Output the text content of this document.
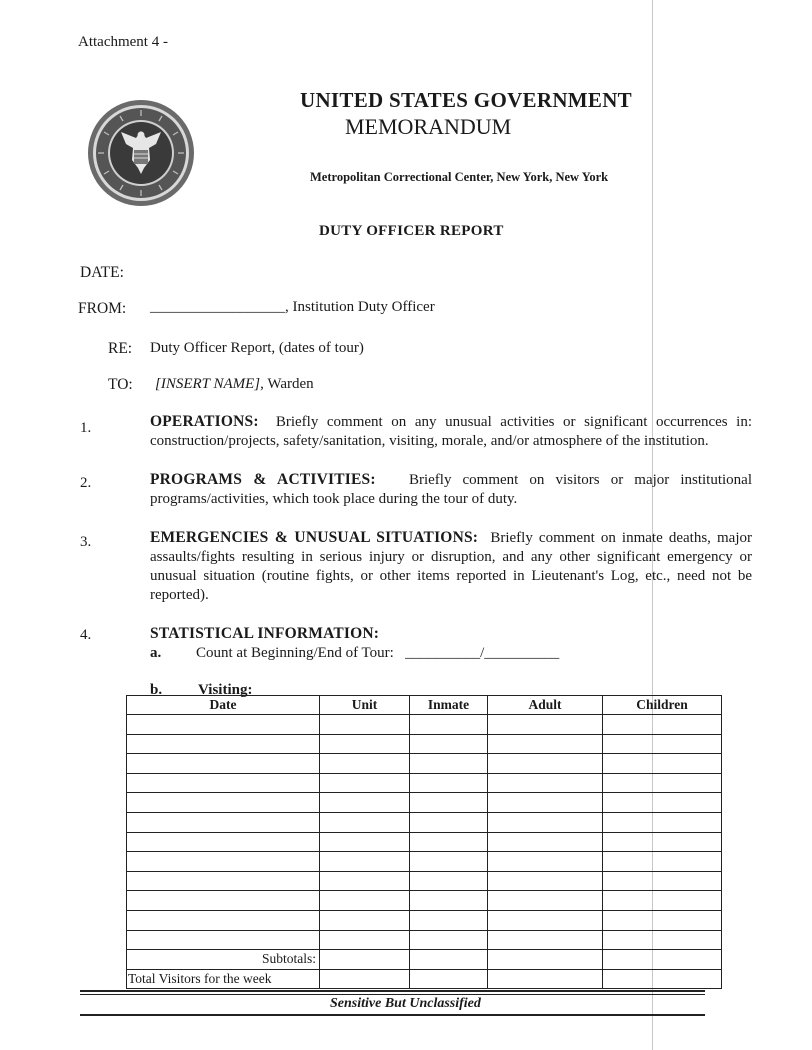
Attachment 4 -
UNITED STATES GOVERNMENT
MEMORANDUM
Metropolitan Correctional Center, New York, New York
DUTY OFFICER REPORT
DATE:
FROM: __________________, Institution Duty Officer
RE: Duty Officer Report, (dates of tour)
TO: [INSERT NAME], Warden
1.	OPERATIONS: Briefly comment on any unusual activities or significant occurrences in: construction/projects, safety/sanitation, visiting, morale, and/or atmosphere of the institution.
2.	PROGRAMS & ACTIVITIES: Briefly comment on visitors or major institutional programs/activities, which took place during the tour of duty.
3.	EMERGENCIES & UNUSUAL SITUATIONS: Briefly comment on inmate deaths, major assaults/fights resulting in serious injury or disruption, and any other significant emergency or unusual situation (routine fights, or other items reported in Lieutenant's Log, etc., need not be reported).
4.	STATISTICAL INFORMATION:
a. Count at Beginning/End of Tour: __________/__________
b. Visiting:
Date	Unit	Inmate	Adult	Children

Subtotals:				
Total Visitors for the week				
Sensitive But Unclassified
